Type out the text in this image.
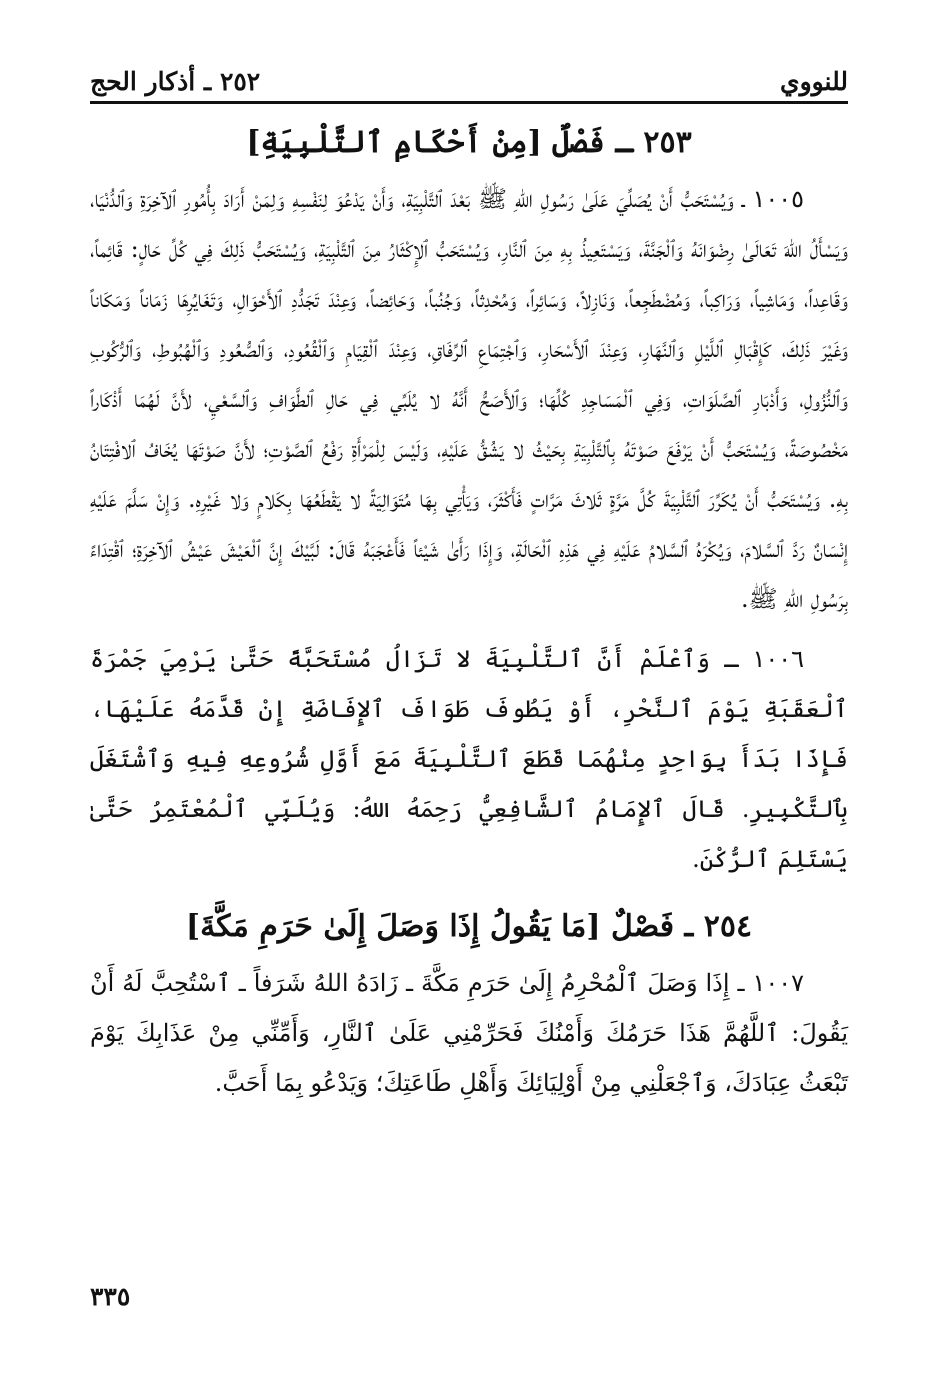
٢٥٢ ـ أذكار الحج	للنووي
٢٥٣ ـ فَصْلٌ [مِنْ أَحْكَامِ ٱلتَّلْبِيَةِ]

١٠٠٥ ـ وَيُسْتَحَبُّ أَنْ يُصَلِّيَ عَلَىٰ رَسُولِ اللهِ ﷺ بَعْدَ ٱلتَّلْبِيَةِ، وَأَنْ يَدْعُوَ لِنَفْسِهِ وَلِمَنْ أَرَادَ بِأُمُورِ ٱلآخِرَةِ وَٱلدُّنْيَا، وَيَسْأَلُ اللهَ تَعَالَىٰ رِضْوَانَهُ وَٱلْجَنَّةَ، وَيَسْتَعِيذُ بِهِ مِنَ ٱلنَّارِ، وَيُسْتَحَبُّ ٱلإِكْثَارُ مِنَ ٱلتَّلْبِيَةِ، وَيُسْتَحَبُّ ذَلِكَ فِي كُلِّ حَالٍ: قَائِماً، وَقَاعِداً، وَمَاشِياً، وَرَاكِباً، وَمُضْطَجِعاً، وَنَازِلاً، وَسَائِراً، وَمُحْدِثاً، وَجُنُباً، وَحَائِضاً، وَعِنْدَ تَجَدُّدِ ٱلأَحْوَالِ، وَتَغَايُرِهَا زَمَاناً وَمَكَاناً وَغَيْرَ ذَلِكَ، كَإِقْبَالِ ٱللَّيْلِ وَٱلنَّهَارِ، وَعِنْدَ ٱلأَسْحَارِ، وَٱجْتِمَاعِ ٱلرِّفَاقِ، وَعِنْدَ ٱلْقِيَامِ وَٱلْقُعُودِ، وَٱلصُّعُودِ وَٱلْهُبُوطِ، وَٱلرُّكُوبِ وَٱلنُّزُولِ، وَأَدْبَارِ ٱلصَّلَوَاتِ، وَفِي ٱلْمَسَاجِدِ كُلِّهَا؛ وَٱلأَصَحُّ أَنَّهُ لا يُلَبِّي فِي حَالِ ٱلطَّوَافِ وَٱلسَّعْيِ، لأَنَّ لَهُمَا أَذْكَاراً مَخْصُوصَةً، وَيُسْتَحَبُّ أَنْ يَرْفَعَ صَوْتَهُ بِٱلتَّلْبِيَةِ بِحَيْثُ لا يَشُقُّ عَلَيْهِ، وَلَيْسَ لِلْمَرْأَةِ رَفْعُ ٱلصَّوْتِ؛ لأَنَّ صَوْتَهَا يُخَافُ ٱلافْتِتَانُ بِهِ. وَيُسْتَحَبُّ أَنْ يُكَرِّرَ ٱلتَّلْبِيَةَ كُلَّ مَرَّةٍ ثَلاثَ مَرَّاتٍ فَأَكْثَرَ، وَيَأْتِي بِهَا مُتَوَالِيَةً لا يَقْطَعُهَا بِكَلامٍ وَلا غَيْرِهِ. وَإِنْ سَلَّمَ عَلَيْهِ إِنْسَانٌ رَدَّ ٱلسَّلامَ، وَيُكْرَهُ ٱلسَّلامُ عَلَيْهِ فِي هَذِهِ ٱلْحَالَةِ، وَإِذَا رَأَىٰ شَيْئاً فَأَعْجَبَهُ قَالَ: لَبَّيْكَ إِنَّ ٱلْعَيْشَ عَيْشُ ٱلآخِرَةِ؛ ٱقْتِدَاءً بِرَسُولِ اللهِ ﷺ.

١٠٠٦ ـ وَٱعْلَمْ أَنَّ ٱلتَّلْبِيَةَ لا تَزَالُ مُسْتَحَبَّةً حَتَّىٰ يَرْمِيَ جَمْرَةَ ٱلْعَقَبَةِ يَوْمَ ٱلنَّحْرِ، أَوْ يَطُوفَ طَوَافَ ٱلإِفَاضَةِ إِنْ قَدَّمَهُ عَلَيْهَا، فَإِذَا بَدَأَ بِوَاحِدٍ مِنْهُمَا قَطَعَ ٱلتَّلْبِيَةَ مَعَ أَوَّلِ شُرُوعِهِ فِيهِ وَٱشْتَغَلَ بِٱلتَّكْبِيرِ. قَالَ ٱلإِمَامُ ٱلشَّافِعِيُّ رَحِمَهُ اللهُ: وَيُلَبِّي ٱلْمُعْتَمِرُ حَتَّىٰ يَسْتَلِمَ ٱلرُّكْنَ.

٢٥٤ ـ فَصْلٌ [مَا يَقُولُ إِذَا وَصَلَ إِلَىٰ حَرَمِ مَكَّةَ]

١٠٠٧ ـ إِذَا وَصَلَ ٱلْمُحْرِمُ إِلَىٰ حَرَمِ مَكَّةَ ـ زَادَهُ اللهُ شَرَفاً ـ ٱسْتُحِبَّ لَهُ أَنْ يَقُولَ: ٱللَّهُمَّ هَذَا حَرَمُكَ وَأَمْنُكَ فَحَرِّمْنِي عَلَىٰ ٱلنَّارِ، وَأَمِّنِّي مِنْ عَذَابِكَ يَوْمَ تَبْعَثُ عِبَادَكَ، وَٱجْعَلْنِي مِنْ أَوْلِيَائِكَ وَأَهْلِ طَاعَتِكَ؛ وَيَدْعُو بِمَا أَحَبَّ.

٣٣٥
